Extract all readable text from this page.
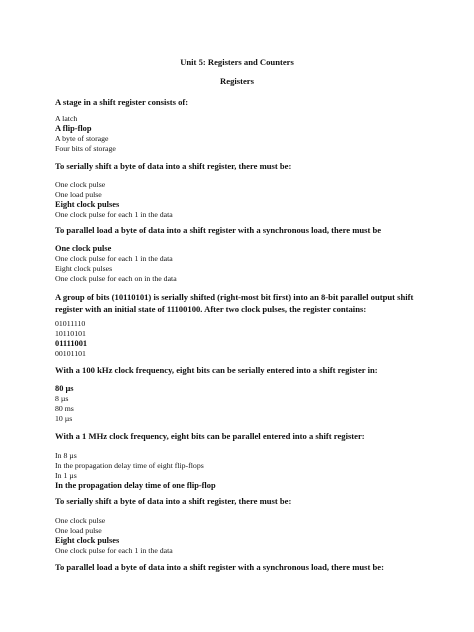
Unit 5: Registers and Counters
Registers
A stage in a shift register consists of:
A latch
A flip-flop
A byte of storage
Four bits of storage
To serially shift a byte of data into a shift register, there must be:
One clock pulse
One load pulse
Eight clock pulses
One clock pulse for each 1 in the data
To parallel load a byte of data into a shift register with a synchronous load, there must be
One clock pulse
One clock pulse for each 1 in the data
Eight clock pulses
One clock pulse for each on in the data
A group of bits (10110101) is serially shifted (right-most bit first) into an 8-bit parallel output shift register with an initial state of 11100100. After two clock pulses, the register contains:
01011110
10110101
01111001
00101101
With a 100 kHz clock frequency, eight bits can be serially entered into a shift register in:
80 µs
8 µs
80 ms
10 µs
With a 1 MHz clock frequency, eight bits can be parallel entered into a shift register:
In 8 µs
In the propagation delay time of eight flip-flops
In 1 µs
In the propagation delay time of one flip-flop
To serially shift a byte of data into a shift register, there must be:
One clock pulse
One load pulse
Eight clock pulses
One clock pulse for each 1 in the data
To parallel load a byte of data into a shift register with a synchronous load, there must be:
